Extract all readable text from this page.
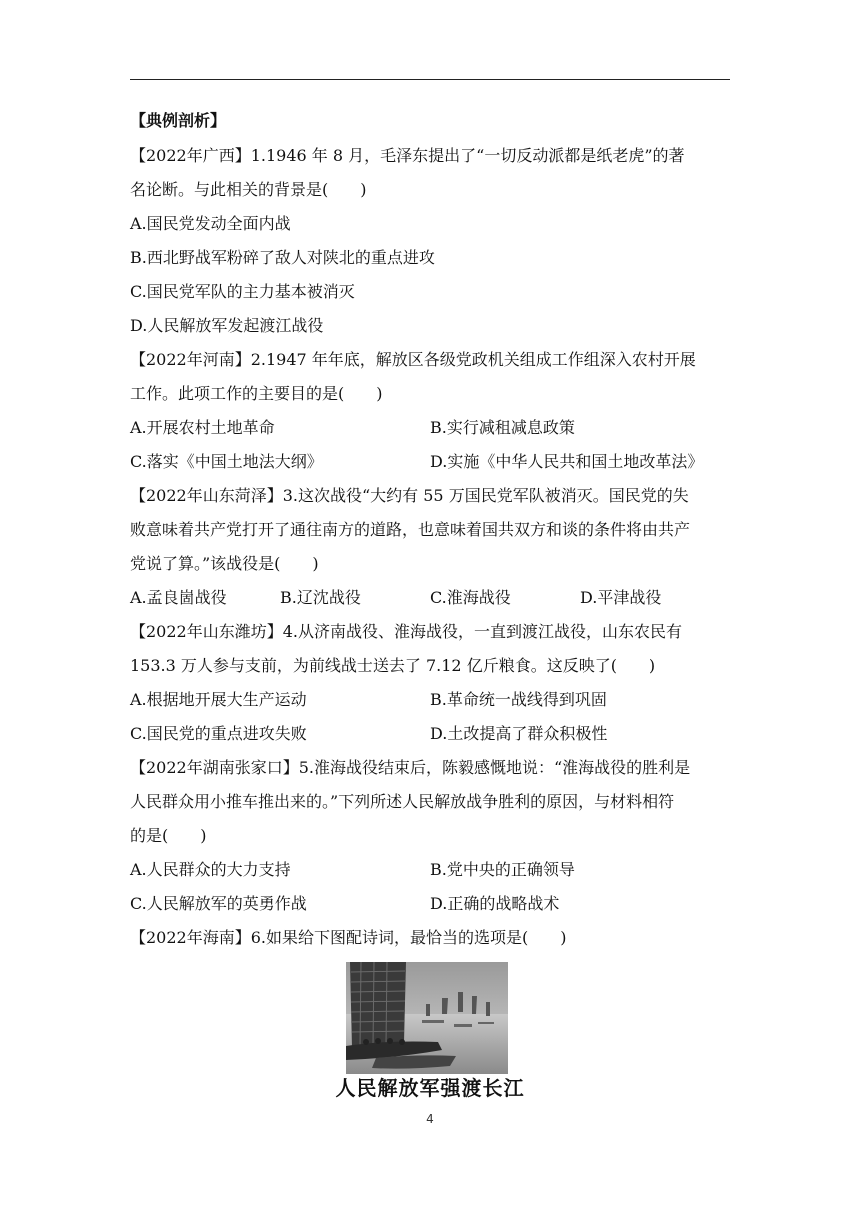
【典例剖析】
【2022年广西】1.1946 年 8 月，毛泽东提出了“一切反动派都是纸老虎”的著
名论断。与此相关的背景是(　　)
A.国民党发动全面内战
B.西北野战军粉碎了敌人对陕北的重点进攻
C.国民党军队的主力基本被消灭
D.人民解放军发起渡江战役
【2022年河南】2.1947 年年底，解放区各级党政机关组成工作组深入农村开展
工作。此项工作的主要目的是(　　)
A.开展农村土地革命	B.实行减租减息政策
C.落实《中国土地法大纲》	D.实施《中华人民共和国土地改革法》
【2022年山东菏泽】3.这次战役“大约有 55 万国民党军队被消灭。国民党的失
败意味着共产党打开了通往南方的道路，也意味着国共双方和谈的条件将由共产
党说了算。”该战役是(　　)
A.孟良崮战役	B.辽沈战役	C.淮海战役	D.平津战役
【2022年山东潍坊】4.从济南战役、淮海战役，一直到渡江战役，山东农民有
153.3 万人参与支前，为前线战士送去了 7.12 亿斤粮食。这反映了(　　)
A.根据地开展大生产运动	B.革命统一战线得到巩固
C.国民党的重点进攻失败	D.土改提高了群众积极性
【2022年湖南张家口】5.淮海战役结束后，陈毅感慨地说：“淮海战役的胜利是
人民群众用小推车推出来的。”下列所述人民解放战争胜利的原因，与材料相符
的是(　　)
A.人民群众的大力支持	B.党中央的正确领导
C.人民解放军的英勇作战	D.正确的战略战术
【2022年海南】6.如果给下图配诗词，最恰当的选项是(　　)
人民解放军强渡长江
4
